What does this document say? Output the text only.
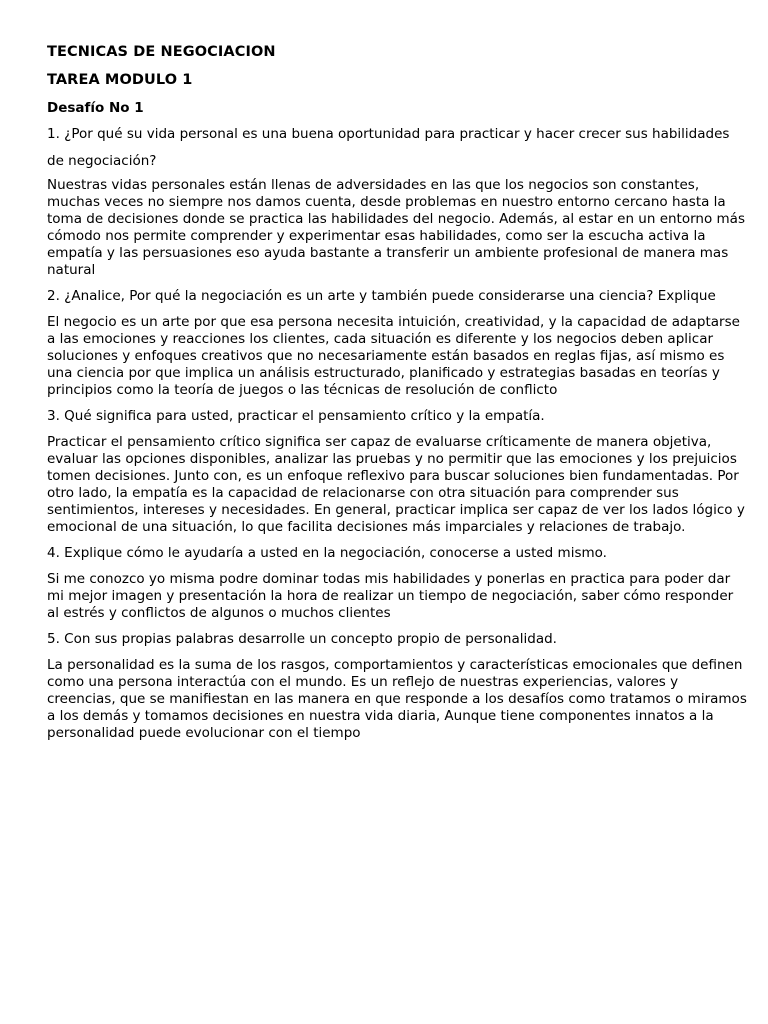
TECNICAS DE NEGOCIACION
TAREA MODULO 1
Desafío No 1
1. ¿Por qué su vida personal es una buena oportunidad para practicar y hacer crecer sus habilidades de negociación?
Nuestras vidas personales están llenas de adversidades en las que los negocios son constantes, muchas veces no siempre nos damos cuenta, desde problemas en nuestro entorno cercano hasta la toma de decisiones donde se practica las habilidades del negocio. Además, al estar en un entorno más cómodo nos permite comprender y experimentar esas habilidades, como ser la escucha activa la empatía y las persuasiones eso ayuda bastante a transferir un ambiente profesional de manera mas natural
2. ¿Analice, Por qué la negociación es un arte y también puede considerarse una ciencia? Explique
El negocio es un arte por que esa persona necesita intuición, creatividad, y la capacidad de adaptarse a las emociones y reacciones los clientes, cada situación es diferente y los negocios deben aplicar soluciones y enfoques creativos que no necesariamente están basados en reglas fijas, así mismo es una ciencia por que implica un análisis estructurado, planificado y estrategias basadas en teorías y principios como la teoría de juegos o las técnicas de resolución de conflicto
3. Qué significa para usted, practicar el pensamiento crítico y la empatía.
Practicar el pensamiento crítico significa ser capaz de evaluarse críticamente de manera objetiva, evaluar las opciones disponibles, analizar las pruebas y no permitir que las emociones y los prejuicios tomen decisiones. Junto con, es un enfoque reflexivo para buscar soluciones bien fundamentadas. Por otro lado, la empatía es la capacidad de relacionarse con otra situación para comprender sus sentimientos, intereses y necesidades. En general, practicar implica ser capaz de ver los lados lógico y emocional de una situación, lo que facilita decisiones más imparciales y relaciones de trabajo.
4. Explique cómo le ayudaría a usted en la negociación, conocerse a usted mismo.
Si me conozco yo misma podre dominar todas mis habilidades y ponerlas en practica para poder dar mi mejor imagen y presentación la hora de realizar un tiempo de negociación, saber cómo responder al estrés y conflictos de algunos o muchos clientes
5. Con sus propias palabras desarrolle un concepto propio de personalidad.
La personalidad es la suma de los rasgos, comportamientos y características emocionales que definen como una persona interactúa con el mundo. Es un reflejo de nuestras experiencias, valores y creencias, que se manifiestan en las manera en que responde a los desafíos como tratamos o miramos a los demás y tomamos decisiones en nuestra vida diaria, Aunque tiene componentes innatos a la personalidad puede evolucionar con el tiempo
